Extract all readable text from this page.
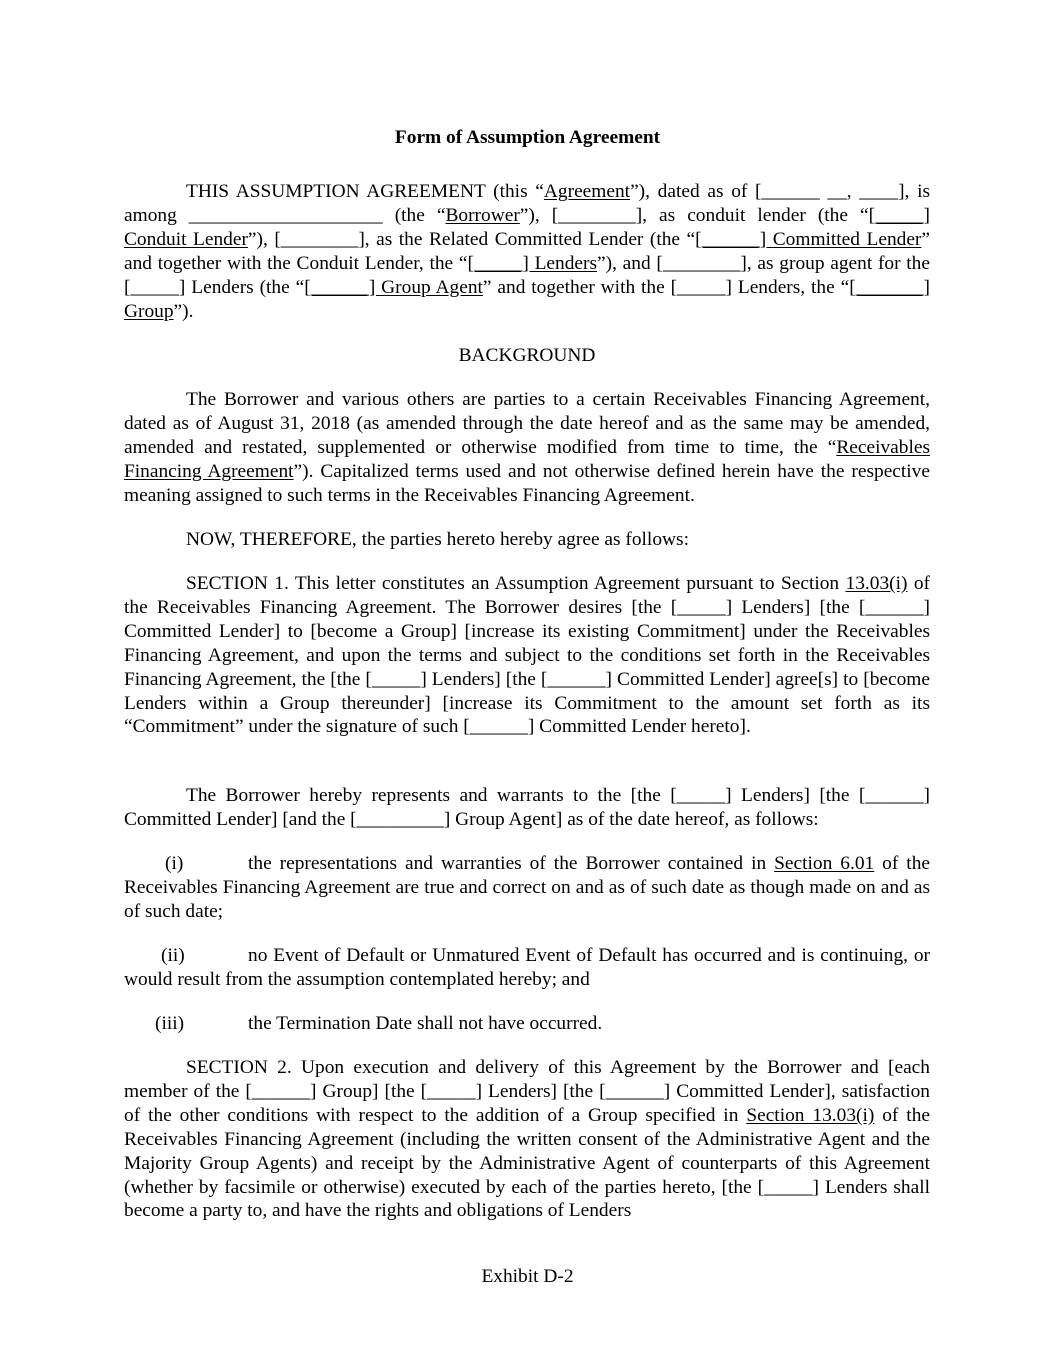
Form of Assumption Agreement

THIS ASSUMPTION AGREEMENT (this “Agreement”), dated as of [______ __, ____], is among ____________________ (the “Borrower”), [________], as conduit lender (the “[_____] Conduit Lender”), [________], as the Related Committed Lender (the “[______] Committed Lender” and together with the Conduit Lender, the “[_____] Lenders”), and [________], as group agent for the [_____] Lenders (the “[______] Group Agent” and together with the [_____] Lenders, the “[_______] Group”).

BACKGROUND

The Borrower and various others are parties to a certain Receivables Financing Agreement, dated as of August 31, 2018 (as amended through the date hereof and as the same may be amended, amended and restated, supplemented or otherwise modified from time to time, the “Receivables Financing Agreement”). Capitalized terms used and not otherwise defined herein have the respective meaning assigned to such terms in the Receivables Financing Agreement.

NOW, THEREFORE, the parties hereto hereby agree as follows:

SECTION 1. This letter constitutes an Assumption Agreement pursuant to Section 13.03(i) of the Receivables Financing Agreement. The Borrower desires [the [_____] Lenders] [the [______] Committed Lender] to [become a Group] [increase its existing Commitment] under the Receivables Financing Agreement, and upon the terms and subject to the conditions set forth in the Receivables Financing Agreement, the [the [_____] Lenders] [the [______] Committed Lender] agree[s] to [become Lenders within a Group thereunder] [increase its Commitment to the amount set forth as its “Commitment” under the signature of such [______] Committed Lender hereto].

The Borrower hereby represents and warrants to the [the [_____] Lenders] [the [______] Committed Lender] [and the [_________] Group Agent] as of the date hereof, as follows:

(i)	the representations and warranties of the Borrower contained in Section 6.01 of the Receivables Financing Agreement are true and correct on and as of such date as though made on and as of such date;

(ii)	no Event of Default or Unmatured Event of Default has occurred and is continuing, or would result from the assumption contemplated hereby; and

(iii)	the Termination Date shall not have occurred.

SECTION 2. Upon execution and delivery of this Agreement by the Borrower and [each member of the [______] Group] [the [_____] Lenders] [the [______] Committed Lender], satisfaction of the other conditions with respect to the addition of a Group specified in Section 13.03(i) of the Receivables Financing Agreement (including the written consent of the Administrative Agent and the Majority Group Agents) and receipt by the Administrative Agent of counterparts of this Agreement (whether by facsimile or otherwise) executed by each of the parties hereto, [the [_____] Lenders shall become a party to, and have the rights and obligations of Lenders

Exhibit D-2
